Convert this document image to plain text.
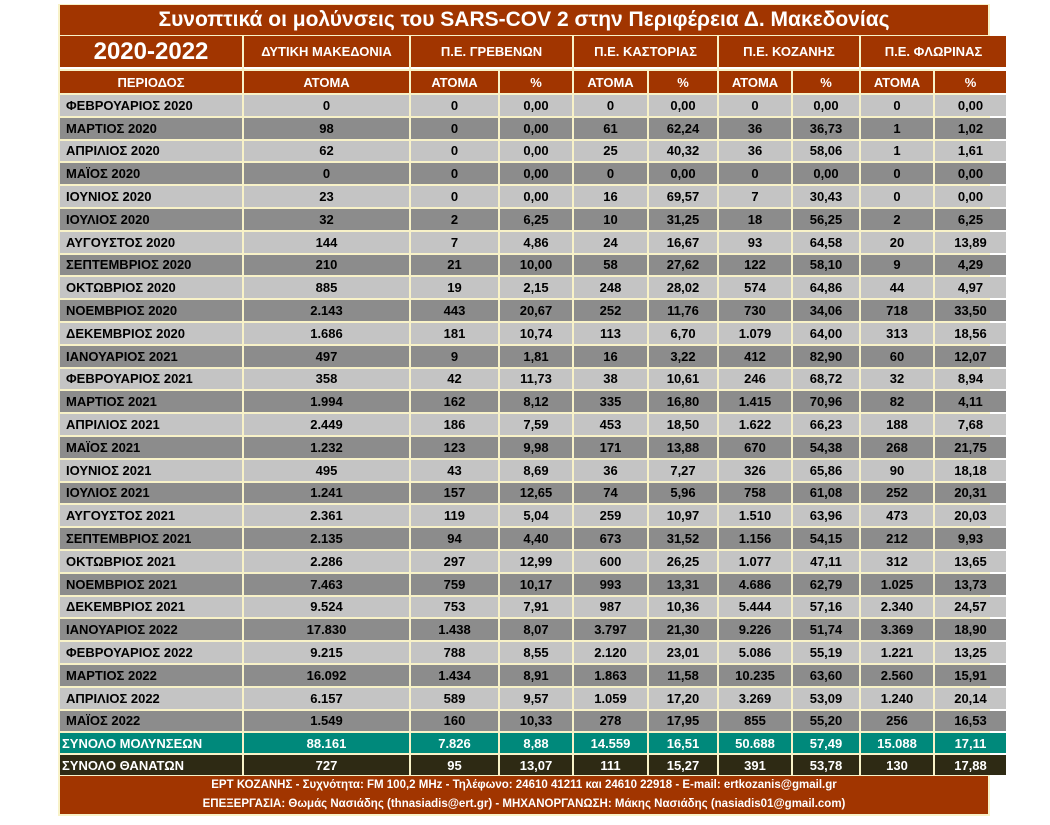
Συνοπτικά οι μολύνσεις του SARS-COV 2 στην Περιφέρεια Δ. Μακεδονίας
2020-2022	ΔΥΤΙΚΗ ΜΑΚΕΔΟΝΙΑ	Π.Ε. ΓΡΕΒΕΝΩΝ		Π.Ε. ΚΑΣΤΟΡΙΑΣ		Π.Ε. ΚΟΖΑΝΗΣ		Π.Ε. ΦΛΩΡΙΝΑΣ	
ΠΕΡΙΟΔΟΣ	ΑΤΟΜΑ	ΑΤΟΜΑ	%	ΑΤΟΜΑ	%	ΑΤΟΜΑ	%	ΑΤΟΜΑ	%
ΦΕΒΡΟΥΑΡΙΟΣ 2020	0	0	0,00	0	0,00	0	0,00	0	0,00
ΜΑΡΤΙΟΣ 2020	98	0	0,00	61	62,24	36	36,73	1	1,02
ΑΠΡΙΛΙΟΣ 2020	62	0	0,00	25	40,32	36	58,06	1	1,61
ΜΑΪΟΣ 2020	0	0	0,00	0	0,00	0	0,00	0	0,00
ΙΟΥΝΙΟΣ 2020	23	0	0,00	16	69,57	7	30,43	0	0,00
ΙΟΥΛΙΟΣ 2020	32	2	6,25	10	31,25	18	56,25	2	6,25
ΑΥΓΟΥΣΤΟΣ 2020	144	7	4,86	24	16,67	93	64,58	20	13,89
ΣΕΠΤΕΜΒΡΙΟΣ 2020	210	21	10,00	58	27,62	122	58,10	9	4,29
ΟΚΤΩΒΡΙΟΣ 2020	885	19	2,15	248	28,02	574	64,86	44	4,97
ΝΟΕΜΒΡΙΟΣ 2020	2.143	443	20,67	252	11,76	730	34,06	718	33,50
ΔΕΚΕΜΒΡΙΟΣ 2020	1.686	181	10,74	113	6,70	1.079	64,00	313	18,56
ΙΑΝΟΥΑΡΙΟΣ 2021	497	9	1,81	16	3,22	412	82,90	60	12,07
ΦΕΒΡΟΥΑΡΙΟΣ 2021	358	42	11,73	38	10,61	246	68,72	32	8,94
ΜΑΡΤΙΟΣ 2021	1.994	162	8,12	335	16,80	1.415	70,96	82	4,11
ΑΠΡΙΛΙΟΣ 2021	2.449	186	7,59	453	18,50	1.622	66,23	188	7,68
ΜΑΪΟΣ 2021	1.232	123	9,98	171	13,88	670	54,38	268	21,75
ΙΟΥΝΙΟΣ 2021	495	43	8,69	36	7,27	326	65,86	90	18,18
ΙΟΥΛΙΟΣ 2021	1.241	157	12,65	74	5,96	758	61,08	252	20,31
ΑΥΓΟΥΣΤΟΣ 2021	2.361	119	5,04	259	10,97	1.510	63,96	473	20,03
ΣΕΠΤΕΜΒΡΙΟΣ 2021	2.135	94	4,40	673	31,52	1.156	54,15	212	9,93
ΟΚΤΩΒΡΙΟΣ 2021	2.286	297	12,99	600	26,25	1.077	47,11	312	13,65
ΝΟΕΜΒΡΙΟΣ 2021	7.463	759	10,17	993	13,31	4.686	62,79	1.025	13,73
ΔΕΚΕΜΒΡΙΟΣ 2021	9.524	753	7,91	987	10,36	5.444	57,16	2.340	24,57
ΙΑΝΟΥΑΡΙΟΣ 2022	17.830	1.438	8,07	3.797	21,30	9.226	51,74	3.369	18,90
ΦΕΒΡΟΥΑΡΙΟΣ 2022	9.215	788	8,55	2.120	23,01	5.086	55,19	1.221	13,25
ΜΑΡΤΙΟΣ 2022	16.092	1.434	8,91	1.863	11,58	10.235	63,60	2.560	15,91
ΑΠΡΙΛΙΟΣ 2022	6.157	589	9,57	1.059	17,20	3.269	53,09	1.240	20,14
ΜΑΪΟΣ 2022	1.549	160	10,33	278	17,95	855	55,20	256	16,53
ΣΥΝΟΛΟ ΜΟΛΥΝΣΕΩΝ	88.161	7.826	8,88	14.559	16,51	50.688	57,49	15.088	17,11
ΣΥΝΟΛΟ ΘΑΝΑΤΩΝ	727	95	13,07	111	15,27	391	53,78	130	17,88
ΕΡΤ ΚΟΖΑΝΗΣ - Συχνότητα: FM 100,2 MHz - Τηλέφωνο: 24610 41211 και 24610 22918 - E-mail: ertkozanis@gmail.gr
ΕΠΕΞΕΡΓΑΣΙΑ: Θωμάς Νασιάδης (thnasiadis@ert.gr) - ΜΗΧΑΝΟΡΓΑΝΩΣΗ: Μάκης Νασιάδης (nasiadis01@gmail.com)
